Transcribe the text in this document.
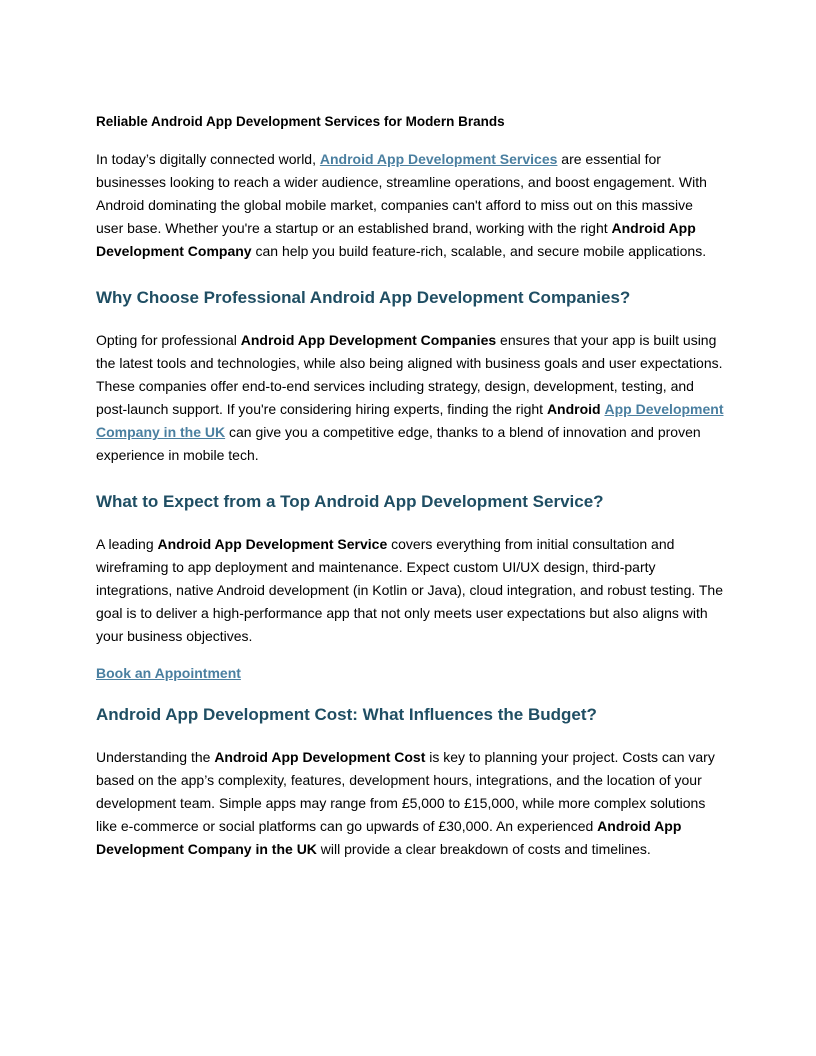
Reliable Android App Development Services for Modern Brands

In today’s digitally connected world, Android App Development Services are essential for businesses looking to reach a wider audience, streamline operations, and boost engagement. With Android dominating the global mobile market, companies can't afford to miss out on this massive user base. Whether you're a startup or an established brand, working with the right Android App Development Company can help you build feature-rich, scalable, and secure mobile applications.

Why Choose Professional Android App Development Companies?

Opting for professional Android App Development Companies ensures that your app is built using the latest tools and technologies, while also being aligned with business goals and user expectations. These companies offer end-to-end services including strategy, design, development, testing, and post-launch support. If you're considering hiring experts, finding the right Android App Development Company in the UK can give you a competitive edge, thanks to a blend of innovation and proven experience in mobile tech.

What to Expect from a Top Android App Development Service?

A leading Android App Development Service covers everything from initial consultation and wireframing to app deployment and maintenance. Expect custom UI/UX design, third-party integrations, native Android development (in Kotlin or Java), cloud integration, and robust testing. The goal is to deliver a high-performance app that not only meets user expectations but also aligns with your business objectives.

Book an Appointment

Android App Development Cost: What Influences the Budget?

Understanding the Android App Development Cost is key to planning your project. Costs can vary based on the app’s complexity, features, development hours, integrations, and the location of your development team. Simple apps may range from £5,000 to £15,000, while more complex solutions like e-commerce or social platforms can go upwards of £30,000. An experienced Android App Development Company in the UK will provide a clear breakdown of costs and timelines.
